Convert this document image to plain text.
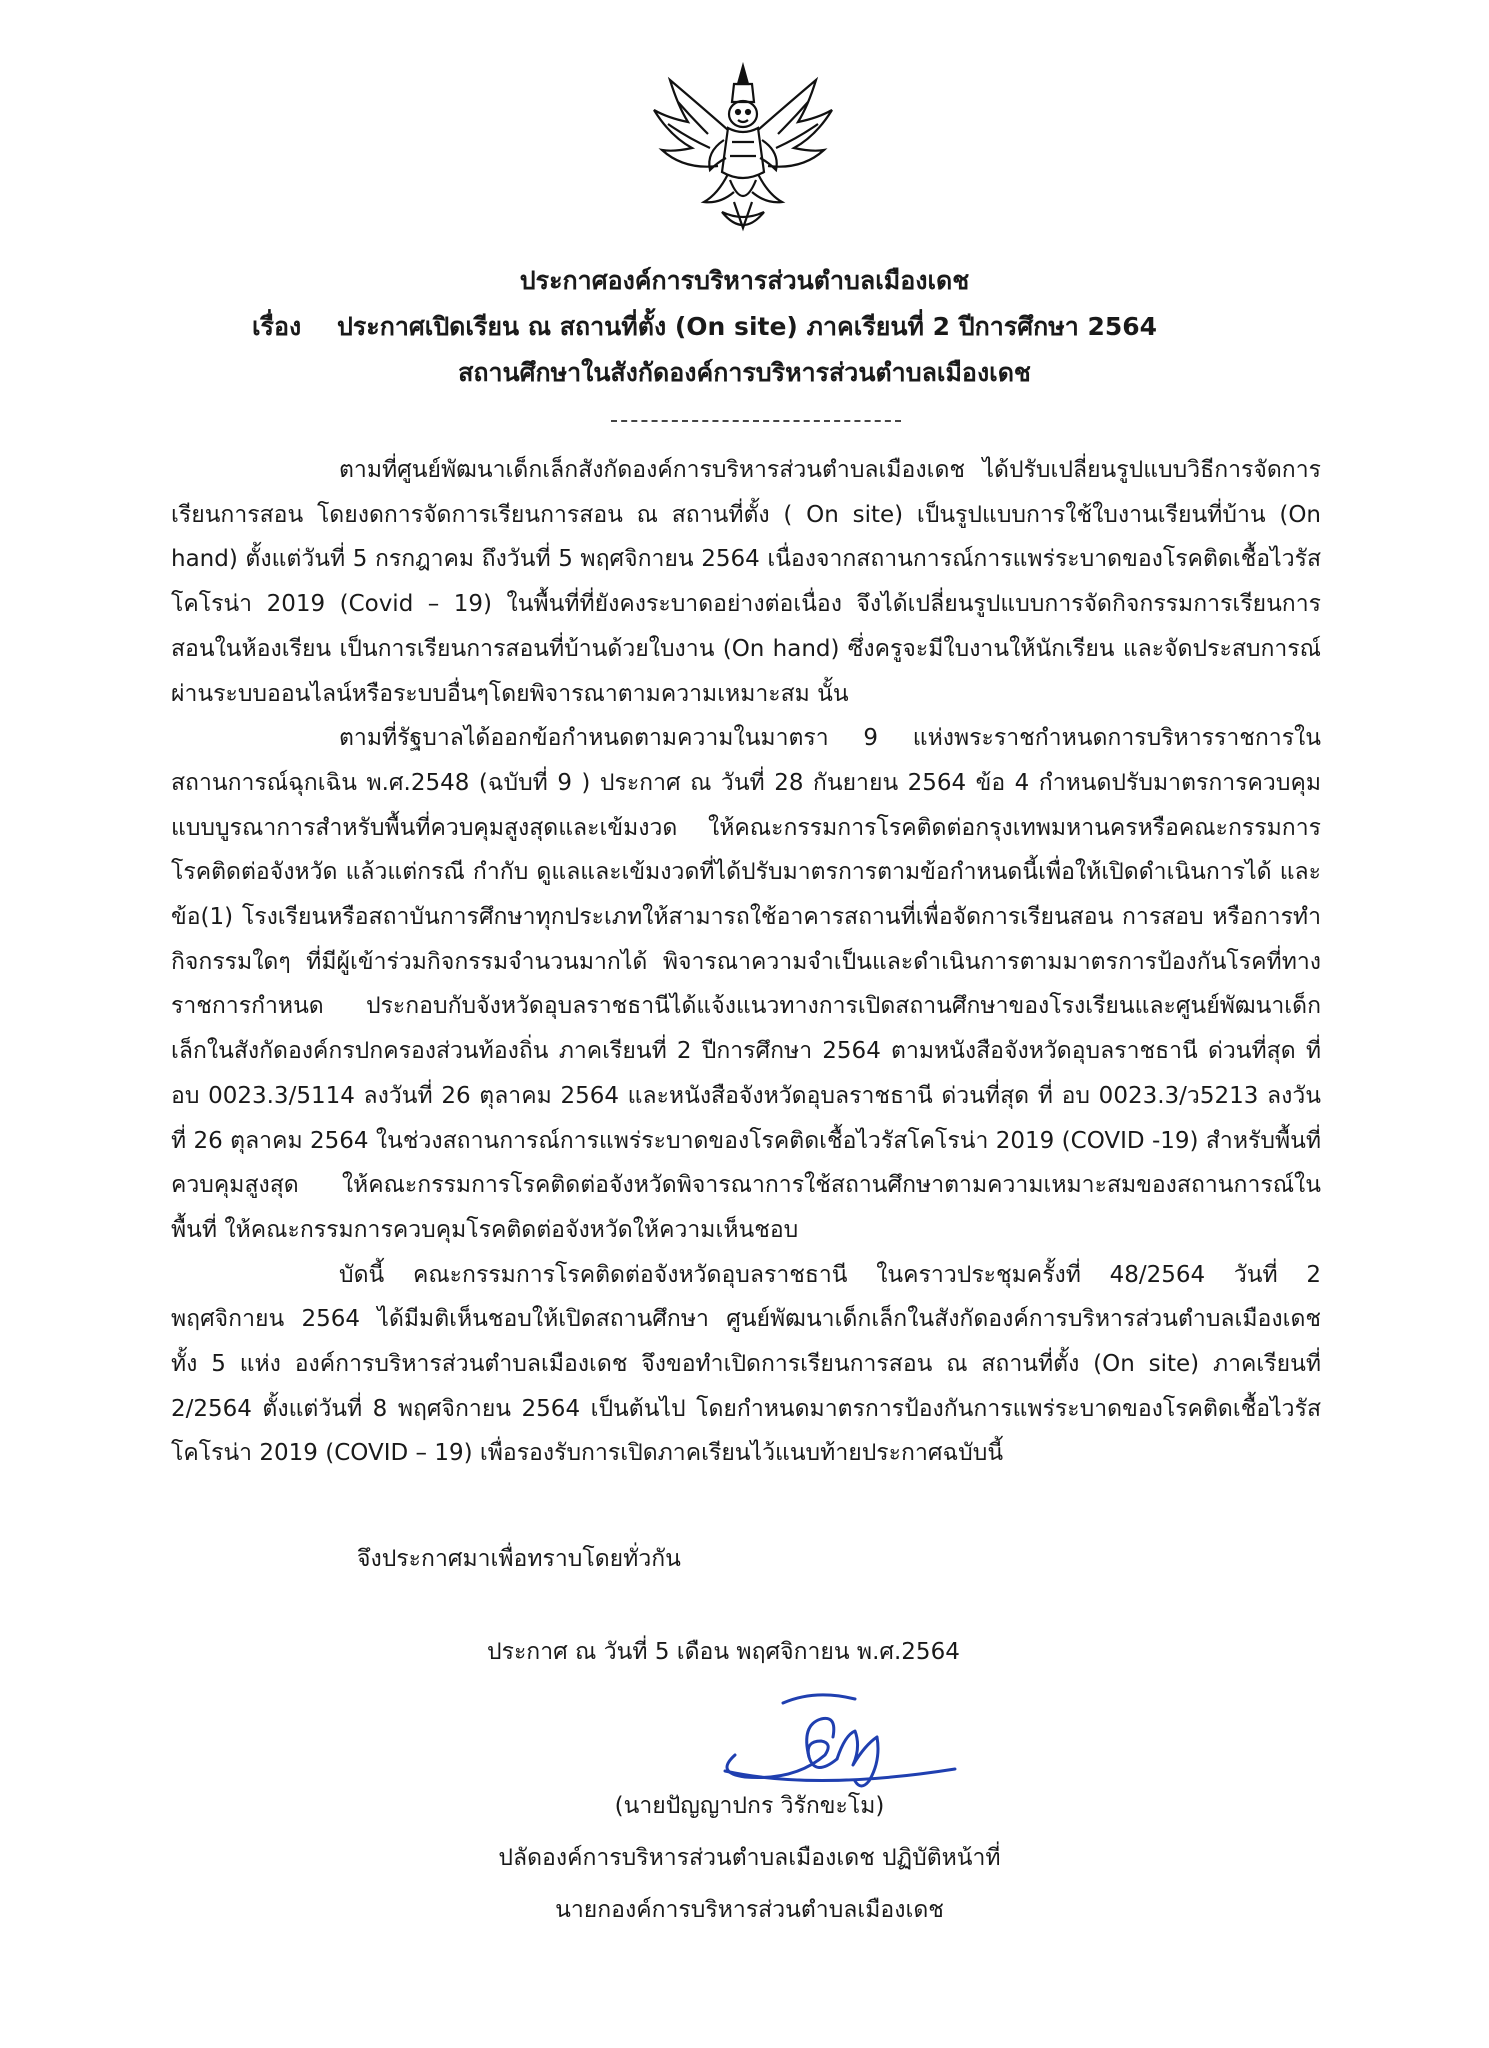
ประกาศองค์การบริหารส่วนตำบลเมืองเดช
เรื่อง ประกาศเปิดเรียน ณ สถานที่ตั้ง (On site) ภาคเรียนที่ 2 ปีการศึกษา 2564
สถานศึกษาในสังกัดองค์การบริหารส่วนตำบลเมืองเดช

ตามที่ศูนย์พัฒนาเด็กเล็กสังกัดองค์การบริหารส่วนตำบลเมืองเดช ได้ปรับเปลี่ยนรูปแบบวิธีการจัดการเรียนการสอน โดยงดการจัดการเรียนการสอน ณ สถานที่ตั้ง ( On site) เป็นรูปแบบการใช้ใบงานเรียนที่บ้าน (On hand) ตั้งแต่วันที่ 5 กรกฎาคม ถึงวันที่ 5 พฤศจิกายน 2564 เนื่องจากสถานการณ์การแพร่ระบาดของโรคติดเชื้อไวรัสโคโรน่า 2019 (Covid – 19) ในพื้นที่ที่ยังคงระบาดอย่างต่อเนื่อง จึงได้เปลี่ยนรูปแบบการจัดกิจกรรมการเรียนการสอนในห้องเรียน เป็นการเรียนการสอนที่บ้านด้วยใบงาน (On hand) ซึ่งครูจะมีใบงานให้นักเรียน และจัดประสบการณ์ผ่านระบบออนไลน์หรือระบบอื่นๆโดยพิจารณาตามความเหมาะสม นั้น

ตามที่รัฐบาลได้ออกข้อกำหนดตามความในมาตรา 9 แห่งพระราชกำหนดการบริหารราชการในสถานการณ์ฉุกเฉิน พ.ศ.2548 (ฉบับที่ 9 ) ประกาศ ณ วันที่ 28 กันยายน 2564 ข้อ 4 กำหนดปรับมาตรการควบคุมแบบบูรณาการสำหรับพื้นที่ควบคุมสูงสุดและเข้มงวด ให้คณะกรรมการโรคติดต่อกรุงเทพมหานครหรือคณะกรรมการโรคติดต่อจังหวัด แล้วแต่กรณี กำกับ ดูแลและเข้มงวดที่ได้ปรับมาตรการตามข้อกำหนดนี้เพื่อให้เปิดดำเนินการได้ และ ข้อ(1) โรงเรียนหรือสถาบันการศึกษาทุกประเภทให้สามารถใช้อาคารสถานที่เพื่อจัดการเรียนสอน การสอบ หรือการทำกิจกรรมใดๆ ที่มีผู้เข้าร่วมกิจกรรมจำนวนมากได้ พิจารณาความจำเป็นและดำเนินการตามมาตรการป้องกันโรคที่ทางราชการกำหนด ประกอบกับจังหวัดอุบลราชธานีได้แจ้งแนวทางการเปิดสถานศึกษาของโรงเรียนและศูนย์พัฒนาเด็กเล็กในสังกัดองค์กรปกครองส่วนท้องถิ่น ภาคเรียนที่ 2 ปีการศึกษา 2564 ตามหนังสือจังหวัดอุบลราชธานี ด่วนที่สุด ที่ อบ 0023.3/5114 ลงวันที่ 26 ตุลาคม 2564 และหนังสือจังหวัดอุบลราชธานี ด่วนที่สุด ที่ อบ 0023.3/ว5213 ลงวันที่ 26 ตุลาคม 2564 ในช่วงสถานการณ์การแพร่ระบาดของโรคติดเชื้อไวรัสโคโรน่า 2019 (COVID -19) สำหรับพื้นที่ควบคุมสูงสุด ให้คณะกรรมการโรคติดต่อจังหวัดพิจารณาการใช้สถานศึกษาตามความเหมาะสมของสถานการณ์ในพื้นที่ ให้คณะกรรมการควบคุมโรคติดต่อจังหวัดให้ความเห็นชอบ

บัดนี้ คณะกรรมการโรคติดต่อจังหวัดอุบลราชธานี ในคราวประชุมครั้งที่ 48/2564 วันที่ 2 พฤศจิกายน 2564 ได้มีมติเห็นชอบให้เปิดสถานศึกษา ศูนย์พัฒนาเด็กเล็กในสังกัดองค์การบริหารส่วนตำบลเมืองเดช ทั้ง 5 แห่ง องค์การบริหารส่วนตำบลเมืองเดช จึงขอทำเปิดการเรียนการสอน ณ สถานที่ตั้ง (On site) ภาคเรียนที่ 2/2564 ตั้งแต่วันที่ 8 พฤศจิกายน 2564 เป็นต้นไป โดยกำหนดมาตรการป้องกันการแพร่ระบาดของโรคติดเชื้อไวรัสโคโรน่า 2019 (COVID – 19) เพื่อรองรับการเปิดภาคเรียนไว้แนบท้ายประกาศฉบับนี้

จึงประกาศมาเพื่อทราบโดยทั่วกัน
ประกาศ ณ วันที่ 5 เดือน พฤศจิกายน พ.ศ.2564
(นายปัญญาปกร วิรักขะโม)
ปลัดองค์การบริหารส่วนตำบลเมืองเดช ปฏิบัติหน้าที่
นายกองค์การบริหารส่วนตำบลเมืองเดช
